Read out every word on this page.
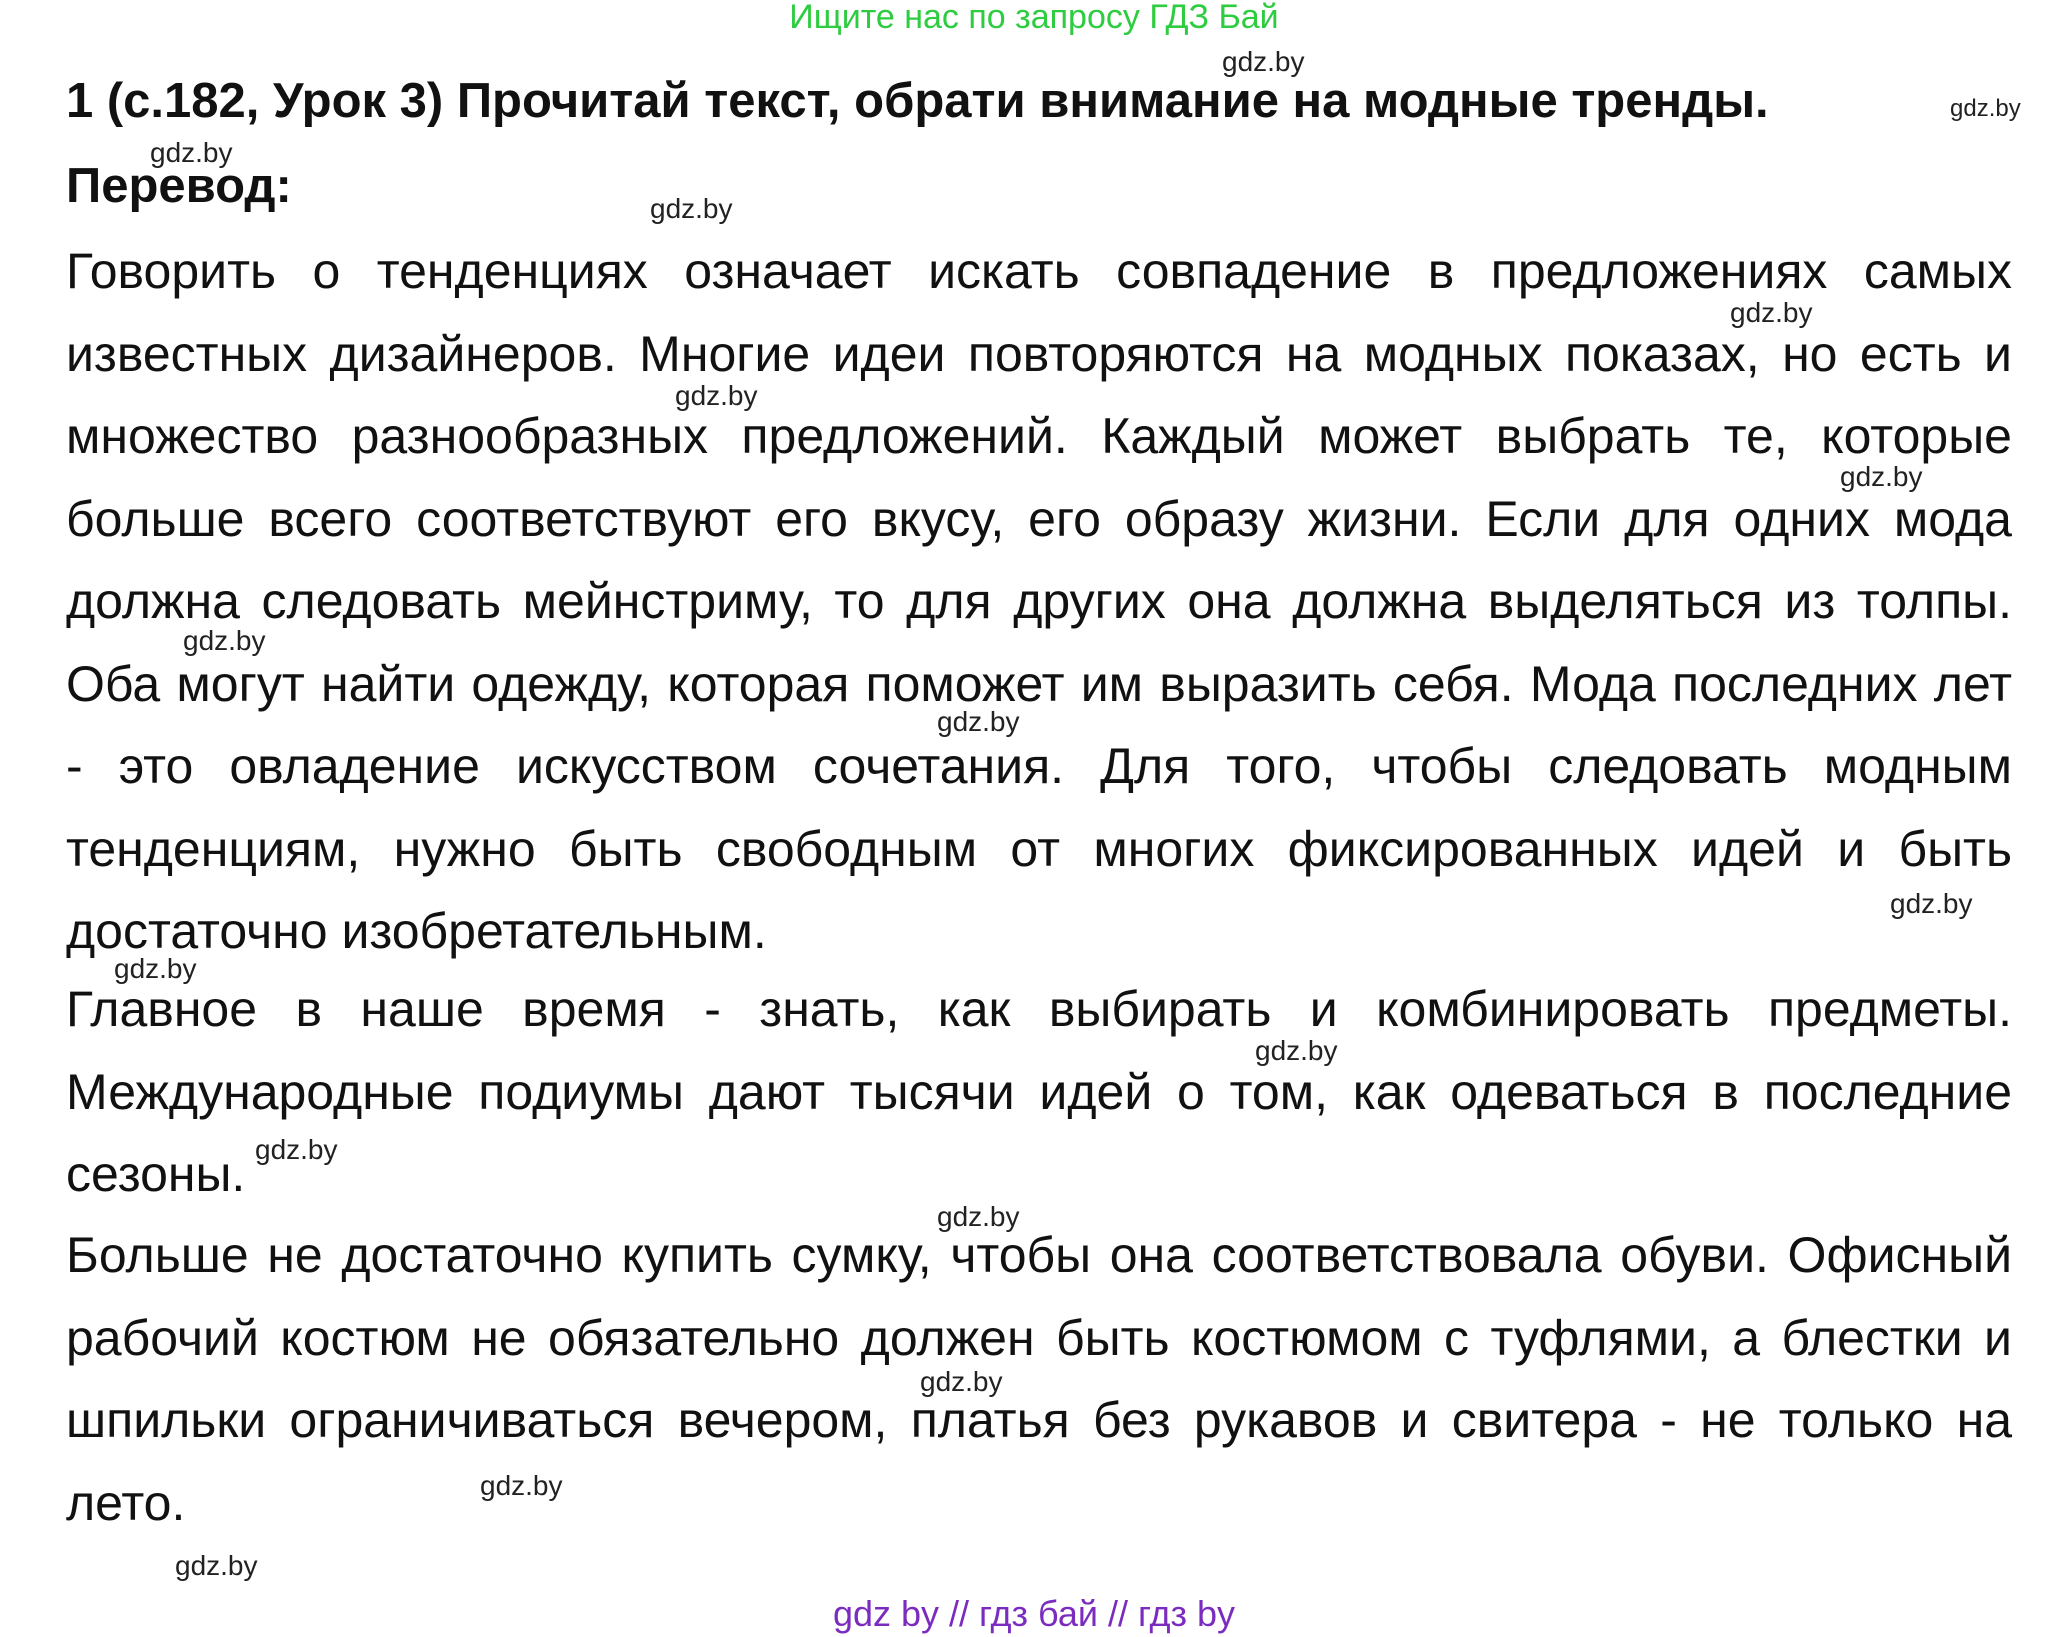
Ищите нас по запросу ГДЗ Бай
1 (с.182, Урок 3) Прочитай текст, обрати внимание на модные тренды.
Перевод:

Говорить о тенденциях означает искать совпадение в предложениях самых известных дизайнеров. Многие идеи повторяются на модных показах, но есть и множество разнообразных предложений. Каждый может выбрать те, которые больше всего соответствуют его вкусу, его образу жизни. Если для одних мода должна следовать мейнстриму, то для других она должна выделяться из толпы. Оба могут найти одежду, которая поможет им выразить себя. Мода последних лет - это овладение искусством сочетания. Для того, чтобы следовать модным тенденциям, нужно быть свободным от многих фиксированных идей и быть достаточно изобретательным.

Главное в наше время - знать, как выбирать и комбинировать предметы. Международные подиумы дают тысячи идей о том, как одеваться в последние сезоны.

Больше не достаточно купить сумку, чтобы она соответствовала обуви. Офисный рабочий костюм не обязательно должен быть костюмом с туфлями, а блестки и шпильки ограничиваться вечером, платья без рукавов и свитера - не только на лето.

gdz.by
gdz.by
gdz.by
gdz.by
gdz.by
gdz.by
gdz.by
gdz.by
gdz.by
gdz.by
gdz.by
gdz.by
gdz.by
gdz.by
gdz.by
gdz.by
gdz.by
gdz by // гдз бай // гдз by
